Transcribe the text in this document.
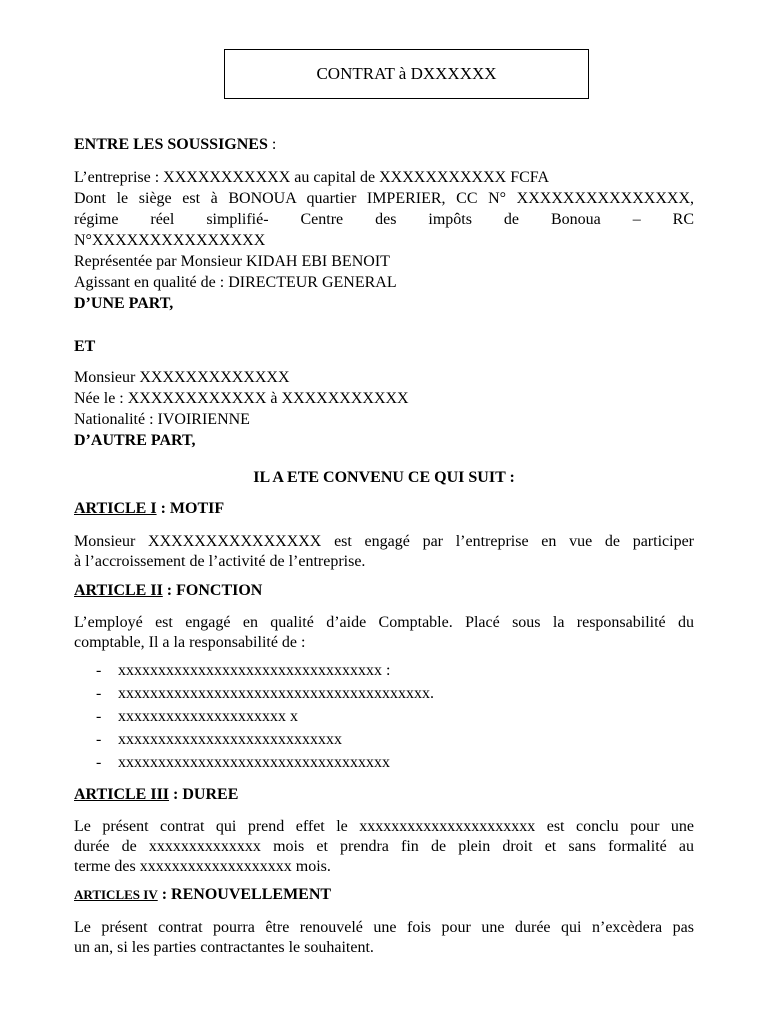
CONTRAT à DXXXXXX
ENTRE LES SOUSSIGNES :

L’entreprise : XXXXXXXXXXX au capital de XXXXXXXXXXX FCFA

Dont le siège est à BONOUA quartier IMPERIER, CC N° XXXXXXXXXXXXXXX,

régime réel simplifié- Centre des impôts de Bonoua – RC

N°XXXXXXXXXXXXXXX

Représentée par Monsieur KIDAH EBI BENOIT

Agissant en qualité de : DIRECTEUR GENERAL

D’UNE PART,

ET

Monsieur XXXXXXXXXXXXX

Née le : XXXXXXXXXXXX à XXXXXXXXXXX

Nationalité : IVOIRIENNE

D’AUTRE PART,

IL A ETE CONVENU CE QUI SUIT :
ARTICLE I : MOTIF

Monsieur XXXXXXXXXXXXXXX est engagé par l’entreprise en vue de participer

à l’accroissement de l’activité de l’entreprise.

ARTICLE II : FONCTION

L’employé est engagé en qualité d’aide Comptable. Placé sous la responsabilité du

comptable, Il a la responsabilité de :

- xxxxxxxxxxxxxxxxxxxxxxxxxxxxxxxxx :
- xxxxxxxxxxxxxxxxxxxxxxxxxxxxxxxxxxxxxxx.
- xxxxxxxxxxxxxxxxxxxxx x
- xxxxxxxxxxxxxxxxxxxxxxxxxxxx
- xxxxxxxxxxxxxxxxxxxxxxxxxxxxxxxxxx
ARTICLE III : DUREE

Le présent contrat qui prend effet le xxxxxxxxxxxxxxxxxxxxxx est conclu pour une

durée de xxxxxxxxxxxxxx mois et prendra fin de plein droit et sans formalité au

terme des xxxxxxxxxxxxxxxxxxx mois.

ARTICLES IV : RENOUVELLEMENT

Le présent contrat pourra être renouvelé une fois pour une durée qui n’excèdera pas

un an, si les parties contractantes le souhaitent.
